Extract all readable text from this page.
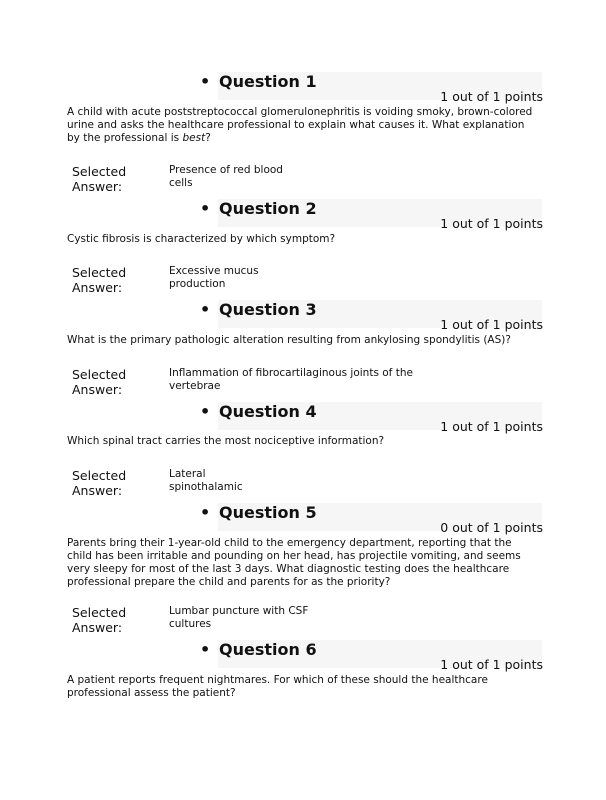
• Question 1
1 out of 1 points
A child with acute poststreptococcal glomerulonephritis is voiding smoky, brown-colored
urine and asks the healthcare professional to explain what causes it. What explanation
by the professional is best?
Selected
Answer:
Presence of red blood
cells
• Question 2
1 out of 1 points
Cystic fibrosis is characterized by which symptom?
Selected
Answer:
Excessive mucus
production
• Question 3
1 out of 1 points
What is the primary pathologic alteration resulting from ankylosing spondylitis (AS)?
Selected
Answer:
Inflammation of fibrocartilaginous joints of the
vertebrae
• Question 4
1 out of 1 points
Which spinal tract carries the most nociceptive information?
Selected
Answer:
Lateral
spinothalamic
• Question 5
0 out of 1 points
Parents bring their 1-year-old child to the emergency department, reporting that the
child has been irritable and pounding on her head, has projectile vomiting, and seems
very sleepy for most of the last 3 days. What diagnostic testing does the healthcare
professional prepare the child and parents for as the priority?
Selected
Answer:
Lumbar puncture with CSF
cultures
• Question 6
1 out of 1 points
A patient reports frequent nightmares. For which of these should the healthcare
professional assess the patient?
